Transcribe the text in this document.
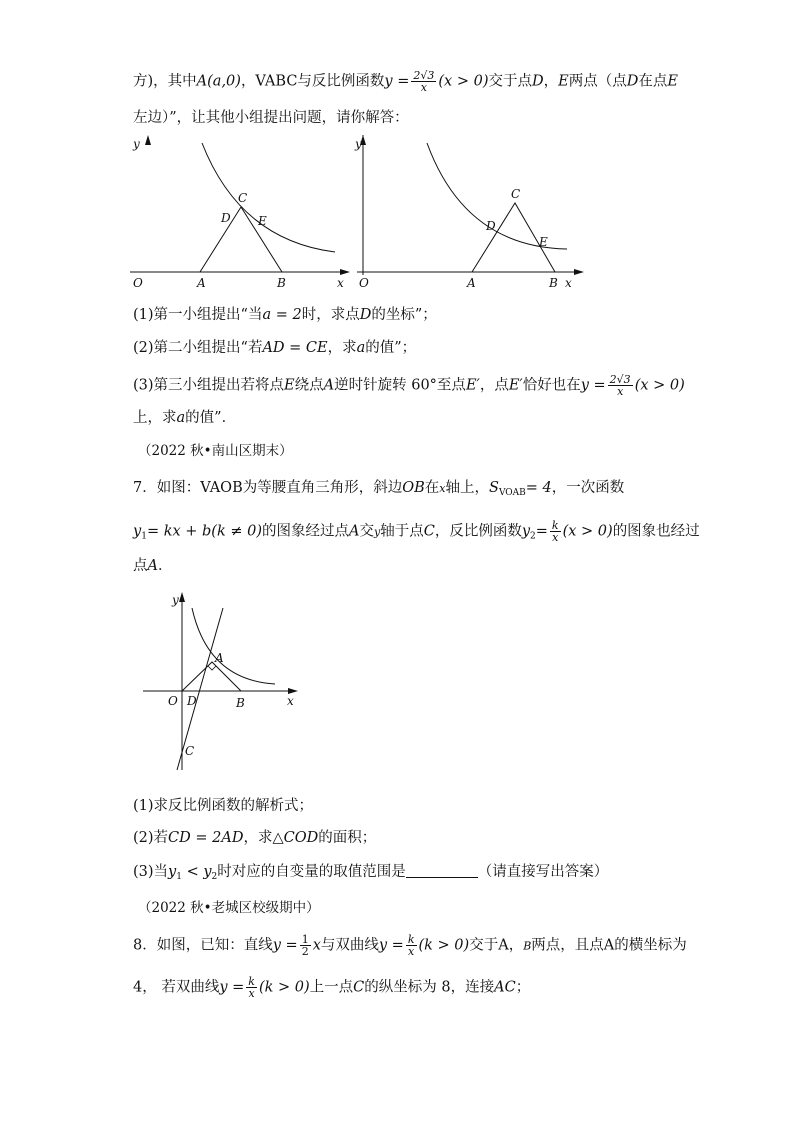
方)，其中A(a,0)，VABC与反比例函数$y = \frac{2√3}{x} (x > 0)$交于点D，E两点（点D在点E
左边）”，让其他小组提出问题，请你解答：
y
O	A	B	x
C
D E
y
O	A	B x
C
D
E
(1)第一小组提出“当a = 2时，求点D的坐标”；
(2)第二小组提出“若AD = CE，求a的值”；
(3)第三小组提出若将点E绕点A逆时针旋转 60°至点E′，点E′恰好也在$y = \frac{2√3}{x} (x > 0)$
上，求a的值”．
（2022 秋•南山区期末）
7．如图：VAOB为等腰直角三角形，斜边OB在x轴上，$S_{VOAB}= 4$，一次函数
$y_1=$ kx + b(k ≠ 0)的图象经过点A交y轴于点C，反比例函数$y_2= \frac{k}{x} (x > 0)$的图象也经过
点A．
y
O D	B	x
A
C
(1)求反比例函数的解析式；
(2)若CD = 2AD，求△COD的面积；
(3)当$y_1 < y_2$时对应的自变量的取值范围是	（请直接写出答案）
（2022 秋•老城区校级期中）
8．如图，已知：直线$y = \frac{1}{2}$ x与双曲线$y = \frac{k}{x} (k > 0)$交于A，B两点，且点A的横坐标为
4， 若双曲线$y = \frac{k}{x} (k > 0)$上一点C的纵坐标为 8，连接AC；
